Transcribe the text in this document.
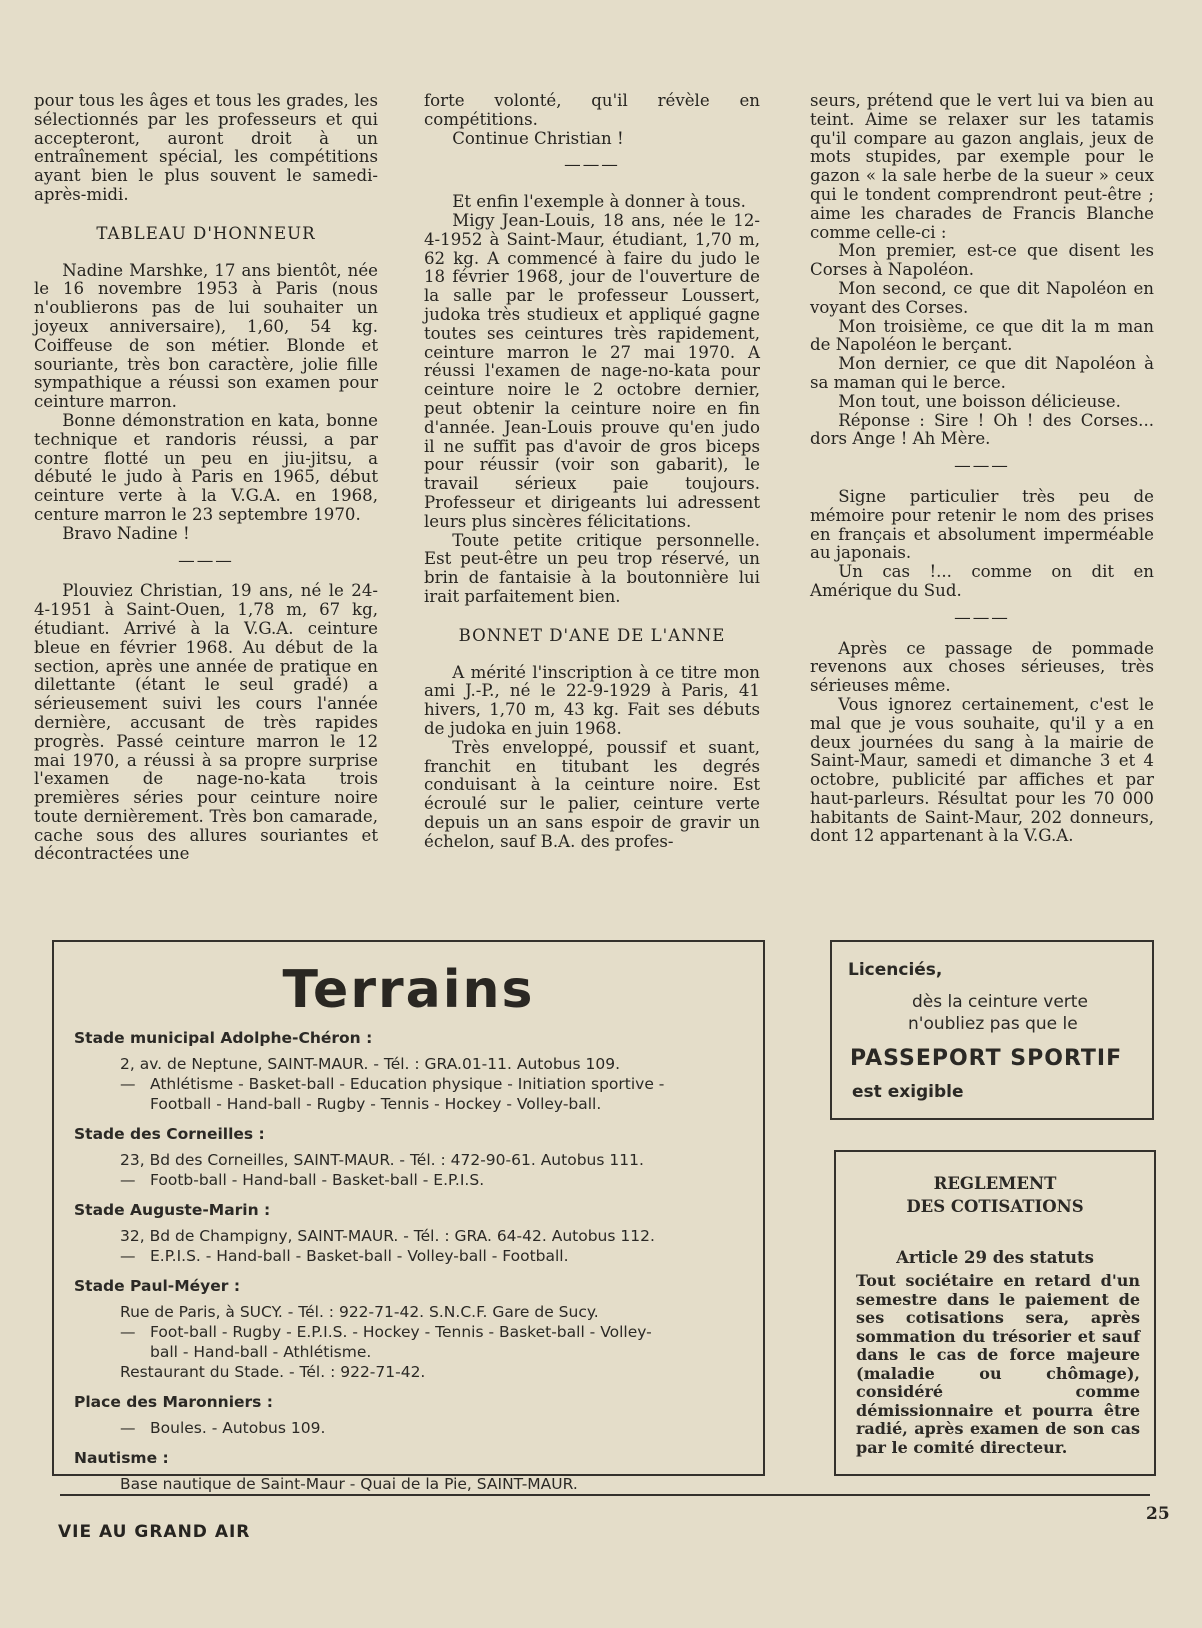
pour tous les âges et tous les grades, les sélectionnés par les professeurs et qui accepteront, auront droit à un entraînement spécial, les compétitions ayant bien le plus souvent le samedi-après-midi.

TABLEAU D'HONNEUR

Nadine Marshke, 17 ans bientôt, née le 16 novembre 1953 à Paris (nous n'oublierons pas de lui souhaiter un joyeux anniversaire), 1,60, 54 kg. Coiffeuse de son métier. Blonde et souriante, très bon caractère, jolie fille sympathique a réussi son examen pour ceinture marron.

Bonne démonstration en kata, bonne technique et randoris réussi, a par contre flotté un peu en jiu-jitsu, a débuté le judo à Paris en 1965, début ceinture verte à la V.G.A. en 1968, centure marron le 23 septembre 1970.

Bravo Nadine !

———

Plouviez Christian, 19 ans, né le 24-4-1951 à Saint-Ouen, 1,78 m, 67 kg, étudiant. Arrivé à la V.G.A. ceinture bleue en février 1968. Au début de la section, après une année de pratique en dilettante (étant le seul gradé) a sérieusement suivi les cours l'année dernière, accusant de très rapides progrès. Passé ceinture marron le 12 mai 1970, a réussi à sa propre surprise l'examen de nage-no-kata trois premières séries pour ceinture noire toute dernièrement. Très bon camarade, cache sous des allures souriantes et décontractées une

forte volonté, qu'il révèle en compétitions.

Continue Christian !

———

Et enfin l'exemple à donner à tous.

Migy Jean-Louis, 18 ans, née le 12-4-1952 à Saint-Maur, étudiant, 1,70 m, 62 kg. A commencé à faire du judo le 18 février 1968, jour de l'ouverture de la salle par le professeur Loussert, judoka très studieux et appliqué gagne toutes ses ceintures très rapidement, ceinture marron le 27 mai 1970. A réussi l'examen de nage-no-kata pour ceinture noire le 2 octobre dernier, peut obtenir la ceinture noire en fin d'année. Jean-Louis prouve qu'en judo il ne suffit pas d'avoir de gros biceps pour réussir (voir son gabarit), le travail sérieux paie toujours. Professeur et dirigeants lui adressent leurs plus sincères félicitations.

Toute petite critique personnelle. Est peut-être un peu trop réservé, un brin de fantaisie à la boutonnière lui irait parfaitement bien.

BONNET D'ANE DE L'ANNE

A mérité l'inscription à ce titre mon ami J.-P., né le 22-9-1929 à Paris, 41 hivers, 1,70 m, 43 kg. Fait ses débuts de judoka en juin 1968.

Très enveloppé, poussif et suant, franchit en titubant les degrés conduisant à la ceinture noire. Est écroulé sur le palier, ceinture verte depuis un an sans espoir de gravir un échelon, sauf B.A. des profes-

seurs, prétend que le vert lui va bien au teint. Aime se relaxer sur les tatamis qu'il compare au gazon anglais, jeux de mots stupides, par exemple pour le gazon « la sale herbe de la sueur » ceux qui le tondent comprendront peut-être ; aime les charades de Francis Blanche comme celle-ci :

Mon premier, est-ce que disent les Corses à Napoléon.

Mon second, ce que dit Napoléon en voyant des Corses.

Mon troisième, ce que dit la m man de Napoléon le berçant.

Mon dernier, ce que dit Napoléon à sa maman qui le berce.

Mon tout, une boisson délicieuse.

Réponse : Sire ! Oh ! des Corses... dors Ange ! Ah Mère.

———

Signe particulier très peu de mémoire pour retenir le nom des prises en français et absolument imperméable au japonais.

Un cas !... comme on dit en Amérique du Sud.

———

Après ce passage de pommade revenons aux choses sérieuses, très sérieuses même.

Vous ignorez certainement, c'est le mal que je vous souhaite, qu'il y a en deux journées du sang à la mairie de Saint-Maur, samedi et dimanche 3 et 4 octobre, publicité par affiches et par haut-parleurs. Résultat pour les 70 000 habitants de Saint-Maur, 202 donneurs, dont 12 appartenant à la V.G.A.

Terrains
Stade municipal Adolphe-Chéron :
2, av. de Neptune, SAINT-MAUR. - Tél. : GRA.01-11. Autobus 109.
— Athlétisme - Basket-ball - Education physique - Initiation sportive -
Football - Hand-ball - Rugby - Tennis - Hockey - Volley-ball.
Stade des Corneilles :
23, Bd des Corneilles, SAINT-MAUR. - Tél. : 472-90-61. Autobus 111.
— Footb-ball - Hand-ball - Basket-ball - E.P.I.S.
Stade Auguste-Marin :
32, Bd de Champigny, SAINT-MAUR. - Tél. : GRA. 64-42. Autobus 112.
— E.P.I.S. - Hand-ball - Basket-ball - Volley-ball - Football.
Stade Paul-Méyer :
Rue de Paris, à SUCY. - Tél. : 922-71-42. S.N.C.F. Gare de Sucy.
— Foot-ball - Rugby - E.P.I.S. - Hockey - Tennis - Basket-ball - Volley-
ball - Hand-ball - Athlétisme.
Restaurant du Stade. - Tél. : 922-71-42.
Place des Maronniers :
— Boules. - Autobus 109.
Nautisme :
Base nautique de Saint-Maur - Quai de la Pie, SAINT-MAUR.
Licenciés,
dès la ceinture verte
n'oubliez pas que le
PASSEPORT SPORTIF
est exigible
REGLEMENT
DES COTISATIONS
Article 29 des statuts
Tout sociétaire en retard d'un semestre dans le paiement de ses cotisations sera, après sommation du trésorier et sauf dans le cas de force majeure (maladie ou chômage), considéré comme démissionnaire et pourra être radié, après examen de son cas par le comité directeur.
VIE AU GRAND AIR
25
